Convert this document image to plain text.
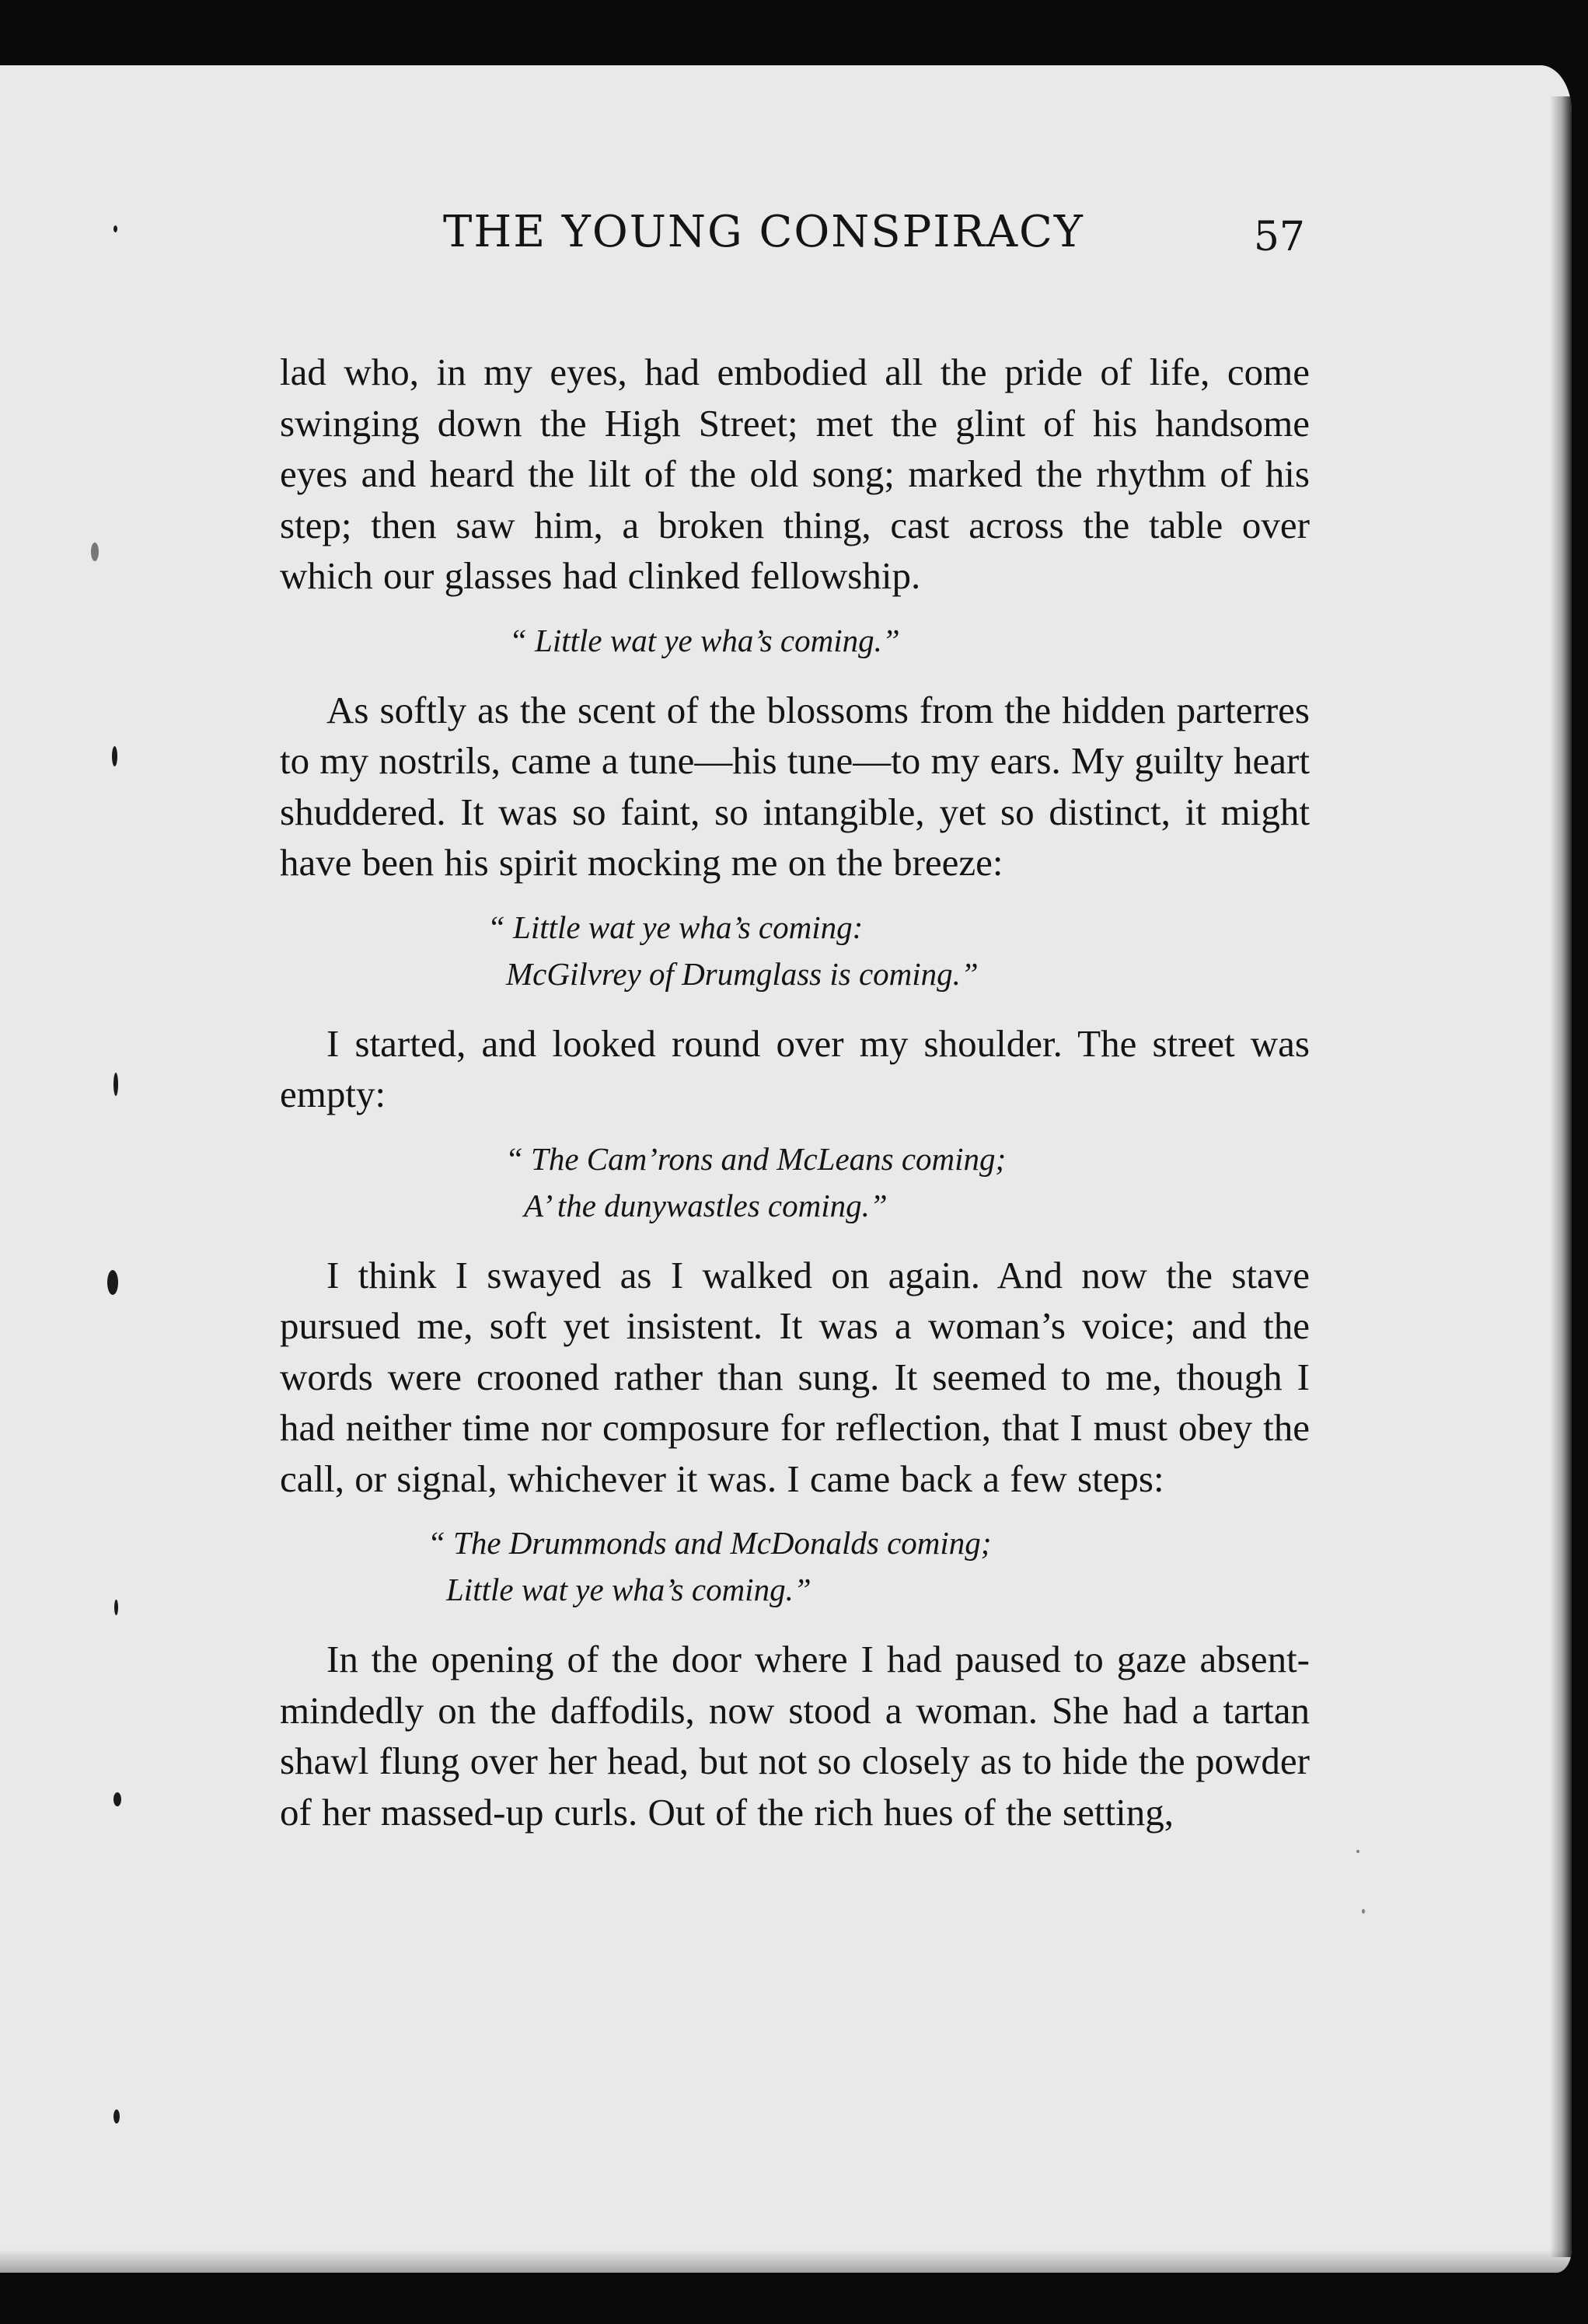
THE YOUNG CONSPIRACY	57

lad who, in my eyes, had embodied all the pride of life, come swinging down the High Street; met the glint of his handsome eyes and heard the lilt of the old song; marked the rhythm of his step; then saw him, a broken thing, cast across the table over which our glasses had clinked fellowship.

“ Little wat ye wha’s coming.”

As softly as the scent of the blossoms from the hidden parterres to my nostrils, came a tune—his tune—to my ears. My guilty heart shuddered. It was so faint, so intangible, yet so distinct, it might have been his spirit mocking me on the breeze:

“ Little wat ye wha’s coming:
McGilvrey of Drumglass is coming.”

I started, and looked round over my shoulder. The street was empty:

“ The Cam’rons and McLeans coming;
A’ the dunywastles coming.”

I think I swayed as I walked on again. And now the stave pursued me, soft yet insistent. It was a woman’s voice; and the words were crooned rather than sung. It seemed to me, though I had neither time nor composure for reflection, that I must obey the call, or signal, whichever it was. I came back a few steps:

“ The Drummonds and McDonalds coming;
Little wat ye wha’s coming.”

In the opening of the door where I had paused to gaze absent-mindedly on the daffodils, now stood a woman. She had a tartan shawl flung over her head, but not so closely as to hide the powder of her massed-up curls. Out of the rich hues of the setting,
